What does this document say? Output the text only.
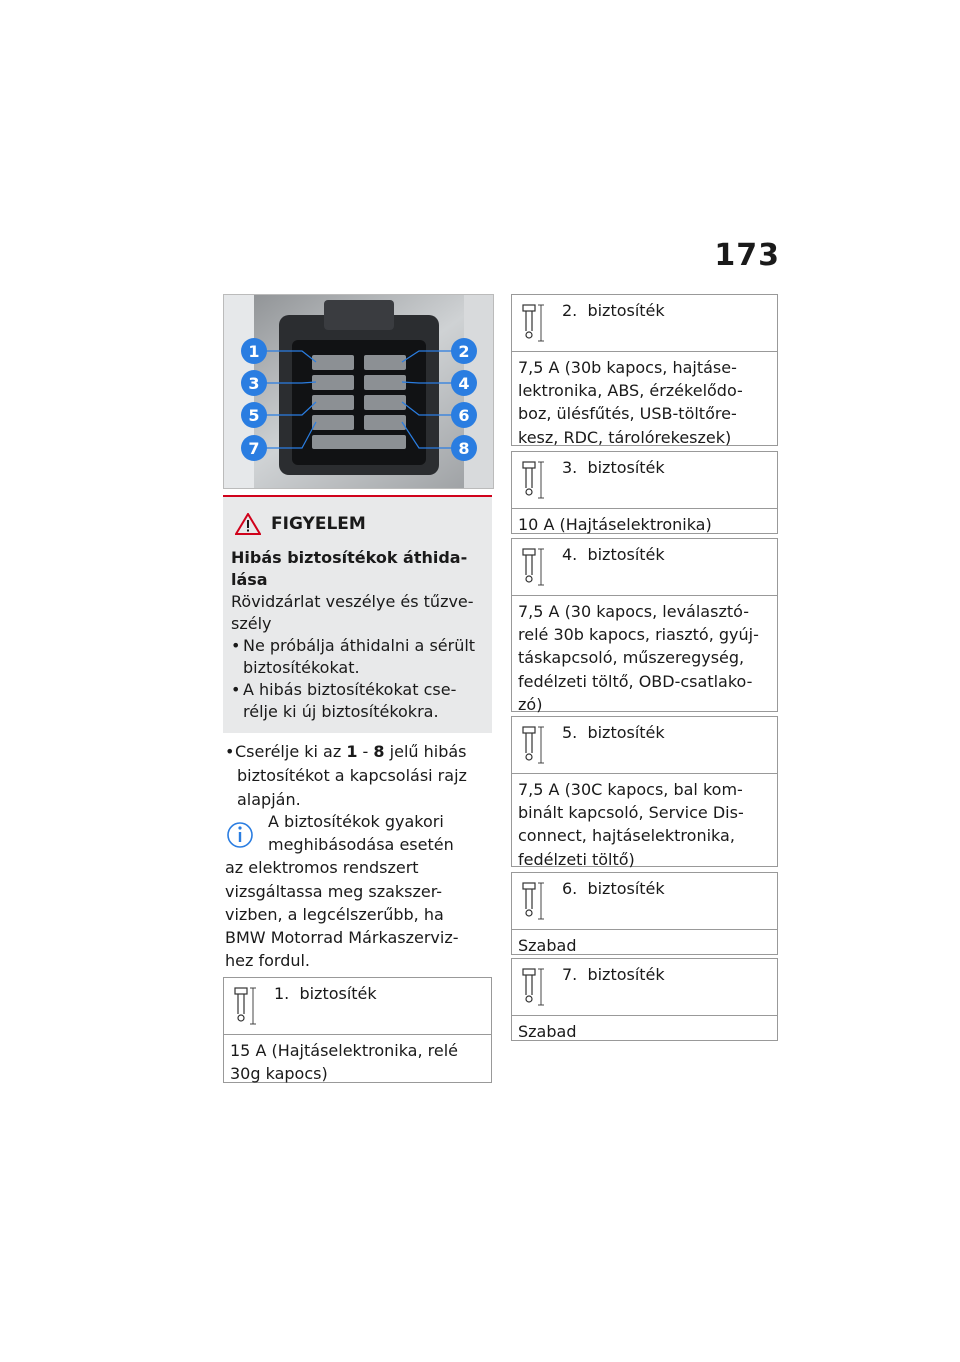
173
1	2
3	4
5	6
7	8
FIGYELEM
Hibás biztosítékok áthida-
lása
Rövidzárlat veszélye és tűzve-
szély
• Ne próbálja áthidalni a sérült
biztosítékokat.
• A hibás biztosítékokat cse-
rélje ki új biztosítékokra.
• Cserélje ki az 1 - 8 jelű hibás
biztosítékot a kapcsolási rajz
alapján.
A biztosítékok gyakori
meghibásodása esetén
az elektromos rendszert
vizsgáltassa meg szakszer-
vizben, a legcélszerűbb, ha
BMW Motorrad Márkaszerviz-
hez fordul.
1. biztosíték
15 A (Hajtáselektronika, relé
30g kapocs)
2. biztosíték
7,5 A (30b kapocs, hajtáse-
lektronika, ABS, érzékelődo-
boz, ülésfűtés, USB-töltőre-
kesz, RDC, tárolórekeszek)
3. biztosíték
10 A (Hajtáselektronika)
4. biztosíték
7,5 A (30 kapocs, leválasztó-
relé 30b kapocs, riasztó, gyúj-
táskapcsoló, műszeregység,
fedélzeti töltő, OBD-csatlako-
zó)
5. biztosíték
7,5 A (30C kapocs, bal kom-
binált kapcsoló, Service Dis-
connect, hajtáselektronika,
fedélzeti töltő)
6. biztosíték
Szabad
7. biztosíték
Szabad
